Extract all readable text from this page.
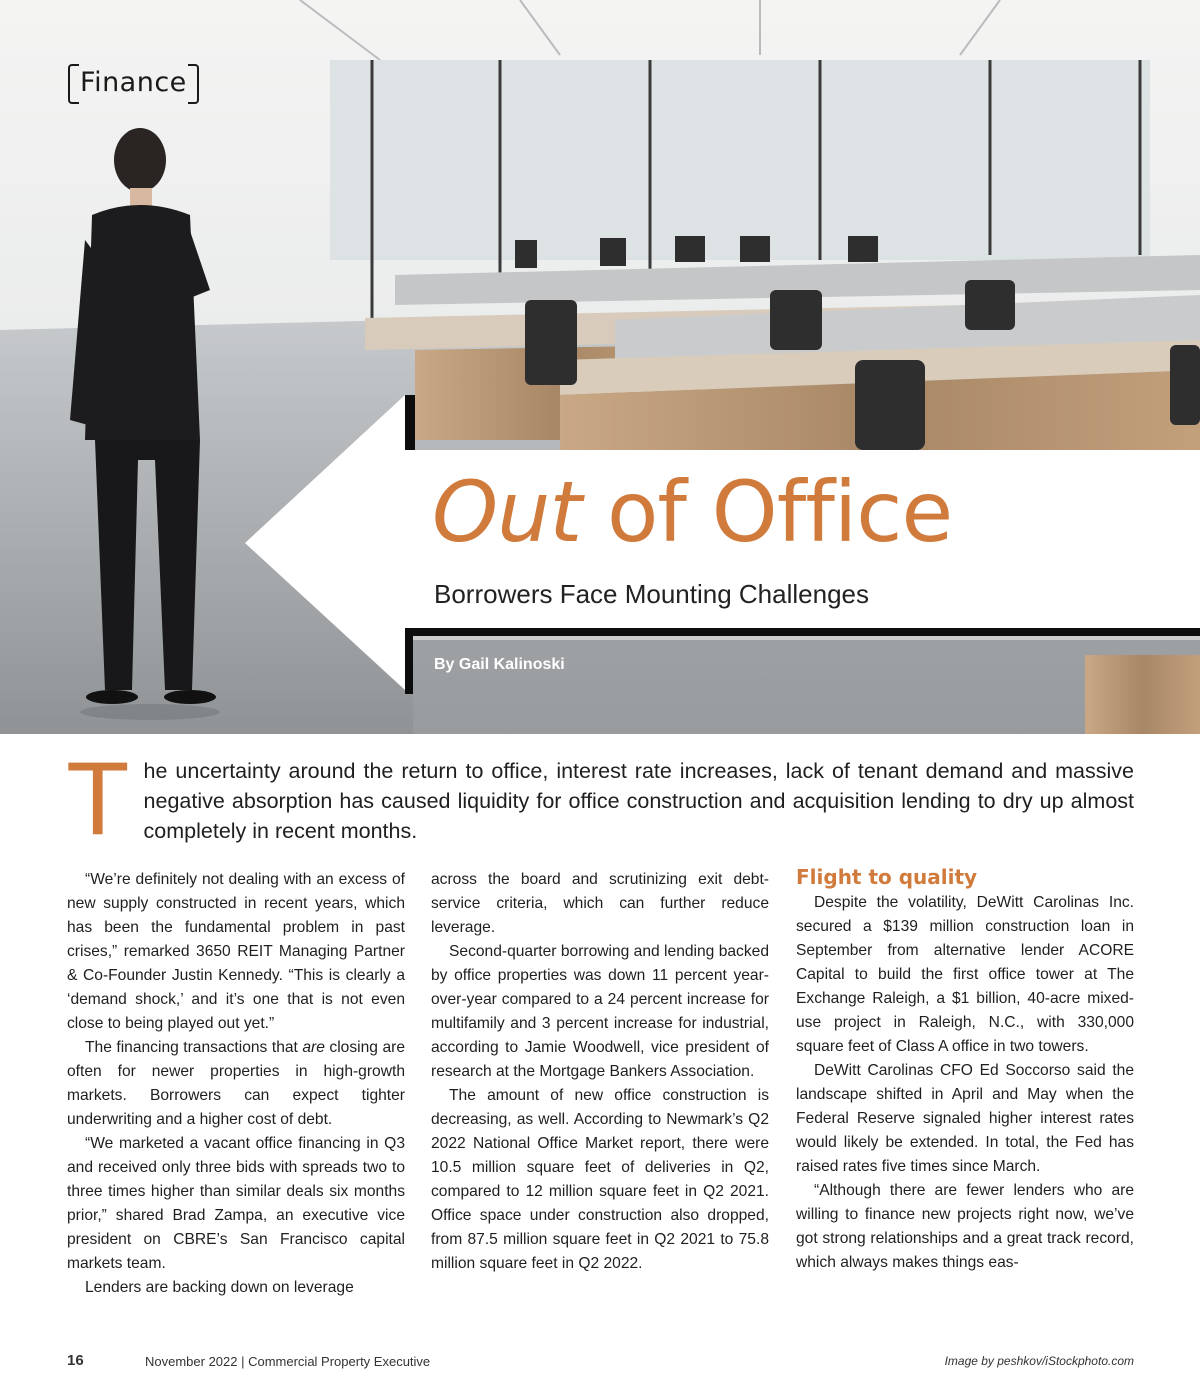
Finance
Out of Office
Borrowers Face Mounting Challenges
By Gail Kalinoski
The uncertainty around the return to office, interest rate increases, lack of tenant demand and massive negative absorption has caused liquidity for office construction and acquisition lending to dry up almost completely in recent months.

“We’re definitely not dealing with an excess of new supply constructed in recent years, which has been the fundamental problem in past crises,” remarked 3650 REIT Managing Partner & Co-Founder Justin Kennedy. “This is clearly a ‘demand shock,’ and it’s one that is not even close to being played out yet.”

The financing transactions that are closing are often for newer properties in high-growth markets. Borrowers can expect tighter underwriting and a higher cost of debt.

“We marketed a vacant office financing in Q3 and received only three bids with spreads two to three times higher than similar deals six months prior,” shared Brad Zampa, an executive vice president on CBRE’s San Francisco capital markets team.

Lenders are backing down on leverage

across the board and scrutinizing exit debt-service criteria, which can further reduce leverage.

Second-quarter borrowing and lending backed by office properties was down 11 percent year-over-year compared to a 24 percent increase for multifamily and 3 percent increase for industrial, according to Jamie Woodwell, vice president of research at the Mortgage Bankers Association.

The amount of new office construction is decreasing, as well. According to Newmark’s Q2 2022 National Office Market report, there were 10.5 million square feet of deliveries in Q2, compared to 12 million square feet in Q2 2021. Office space under construction also dropped, from 87.5 million square feet in Q2 2021 to 75.8 million square feet in Q2 2022.

Flight to quality

Despite the volatility, DeWitt Carolinas Inc. secured a $139 million construction loan in September from alternative lender ACORE Capital to build the first office tower at The Exchange Raleigh, a $1 billion, 40-acre mixed-use project in Raleigh, N.C., with 330,000 square feet of Class A office in two towers.

DeWitt Carolinas CFO Ed Soccorso said the landscape shifted in April and May when the Federal Reserve signaled higher interest rates would likely be extended. In total, the Fed has raised rates five times since March.

“Although there are fewer lenders who are willing to finance new projects right now, we’ve got strong relationships and a great track record, which always makes things eas-

16	November 2022 | Commercial Property Executive	Image by peshkov/iStockphoto.com
